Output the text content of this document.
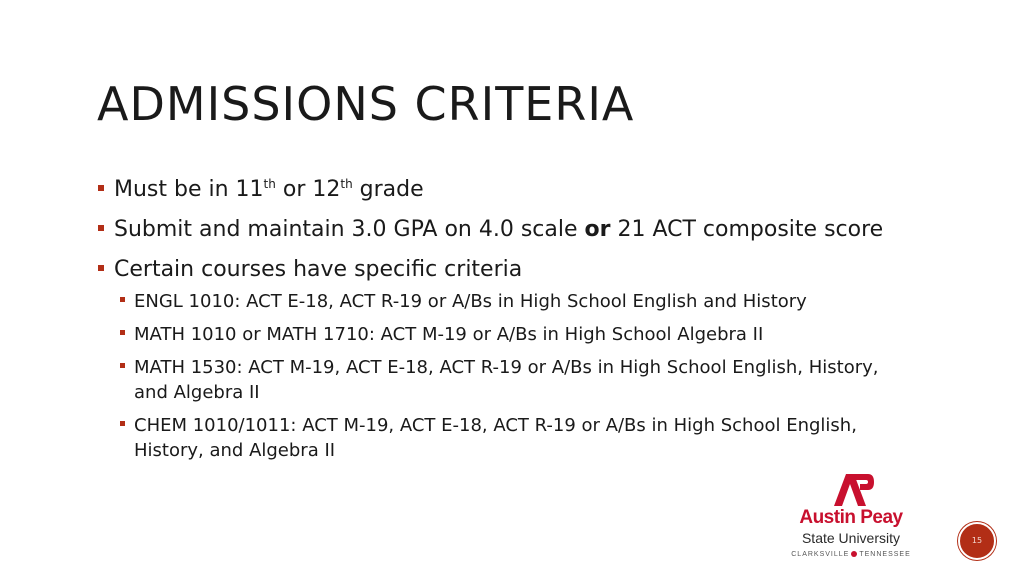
ADMISSIONS CRITERIA
Must be in 11th or 12th grade
Submit and maintain 3.0 GPA on 4.0 scale or 21 ACT composite score
Certain courses have specific criteria
ENGL 1010: ACT E-18, ACT R-19 or A/Bs in High School English and History
MATH 1010 or MATH 1710: ACT M-19 or A/Bs in High School Algebra II
MATH 1530: ACT M-19, ACT E-18, ACT R-19 or A/Bs in High School English, History, and Algebra II
CHEM 1010/1011: ACT M-19, ACT E-18, ACT R-19 or A/Bs in High School English, History, and Algebra II
Austin Peay
State University
CLARKSVILLE TENNESSEE
15
